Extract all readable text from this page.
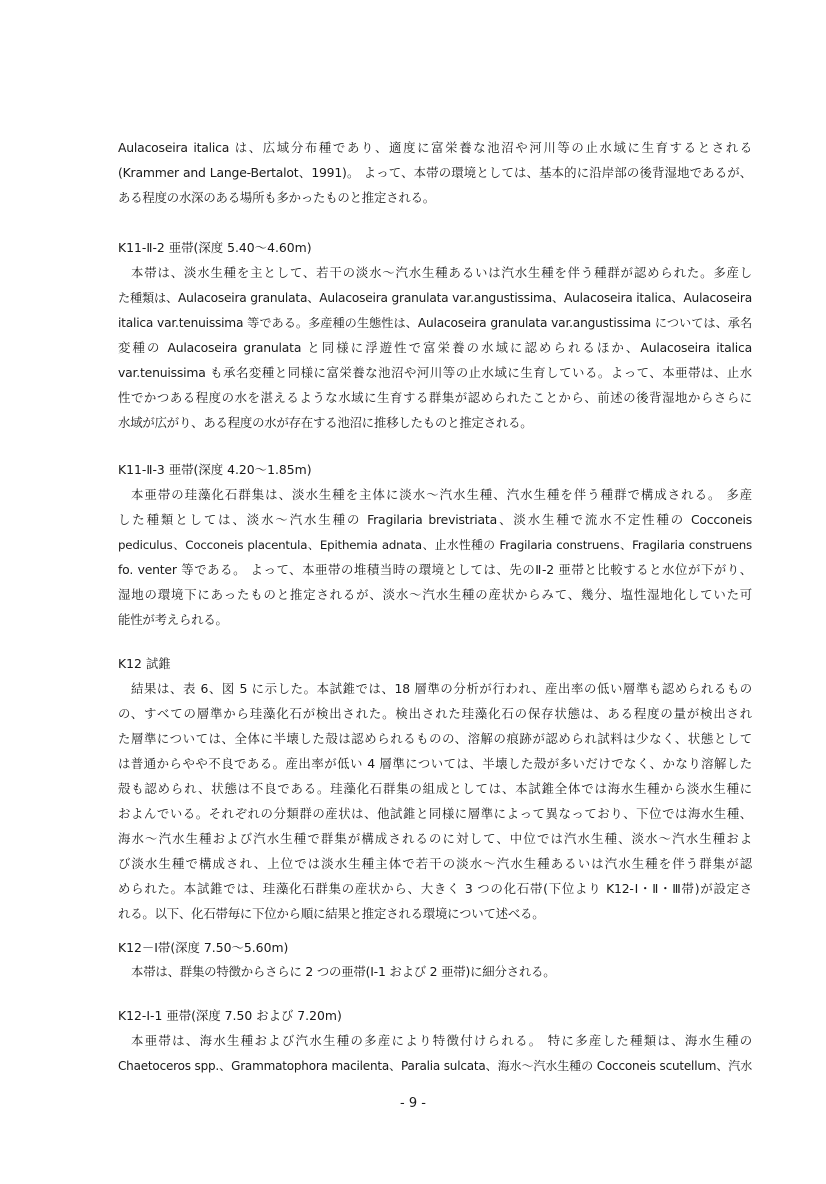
Aulacoseira italica は、広域分布種であり、適度に富栄養な池沼や河川等の止水域に生育するとされる
(Krammer and Lange-Bertalot、1991)。 よって、本帯の環境としては、基本的に沿岸部の後背湿地であるが、
ある程度の水深のある場所も多かったものと推定される。
K11-Ⅱ-2 亜帯(深度 5.40～4.60m)
本帯は、淡水生種を主として、若干の淡水～汽水生種あるいは汽水生種を伴う種群が認められた。多産し
た種類は、Aulacoseira granulata、Aulacoseira granulata var.angustissima、Aulacoseira italica、Aulacoseira
italica var.tenuissima 等である。多産種の生態性は、Aulacoseira granulata var.angustissima については、承名
変種の Aulacoseira granulata と同様に浮遊性で富栄養の水域に認められるほか、Aulacoseira italica
var.tenuissima も承名変種と同様に富栄養な池沼や河川等の止水域に生育している。よって、本亜帯は、止水
性でかつある程度の水を湛えるような水域に生育する群集が認められたことから、前述の後背湿地からさらに
水域が広がり、ある程度の水が存在する池沼に推移したものと推定される。
K11-Ⅱ-3 亜帯(深度 4.20～1.85m)
本亜帯の珪藻化石群集は、淡水生種を主体に淡水～汽水生種、汽水生種を伴う種群で構成される。 多産
した種類としては、淡水～汽水生種の Fragilaria brevistriata、淡水生種で流水不定性種の Cocconeis
pediculus、Cocconeis placentula、Epithemia adnata、止水性種の Fragilaria construens、Fragilaria construens
fo. venter 等である。 よって、本亜帯の堆積当時の環境としては、先のⅡ-2 亜帯と比較すると水位が下がり、
湿地の環境下にあったものと推定されるが、淡水～汽水生種の産状からみて、幾分、塩性湿地化していた可
能性が考えられる。
K12 試錐
結果は、表 6、図 5 に示した。本試錐では、18 層準の分析が行われ、産出率の低い層準も認められるもの
の、すべての層準から珪藻化石が検出された。検出された珪藻化石の保存状態は、ある程度の量が検出され
た層準については、全体に半壊した殻は認められるものの、溶解の痕跡が認められ試料は少なく、状態として
は普通からやや不良である。産出率が低い 4 層準については、半壊した殻が多いだけでなく、かなり溶解した
殻も認められ、状態は不良である。珪藻化石群集の組成としては、本試錐全体では海水生種から淡水生種に
およんでいる。それぞれの分類群の産状は、他試錐と同様に層準によって異なっており、下位では海水生種、
海水～汽水生種および汽水生種で群集が構成されるのに対して、中位では汽水生種、淡水～汽水生種およ
び淡水生種で構成され、上位では淡水生種主体で若干の淡水～汽水生種あるいは汽水生種を伴う群集が認
められた。本試錐では、珪藻化石群集の産状から、大きく 3 つの化石帯(下位より K12-Ⅰ・Ⅱ・Ⅲ帯)が設定さ
れる。以下、化石帯毎に下位から順に結果と推定される環境について述べる。
K12－Ⅰ帯(深度 7.50～5.60m)
本帯は、群集の特徴からさらに 2 つの亜帯(Ⅰ-1 および 2 亜帯)に細分される。
K12-Ⅰ-1 亜帯(深度 7.50 および 7.20m)
本亜帯は、海水生種および汽水生種の多産により特徴付けられる。 特に多産した種類は、海水生種の
Chaetoceros spp.、Grammatophora macilenta、Paralia sulcata、海水～汽水生種の Cocconeis scutellum、汽水
- 9 -
